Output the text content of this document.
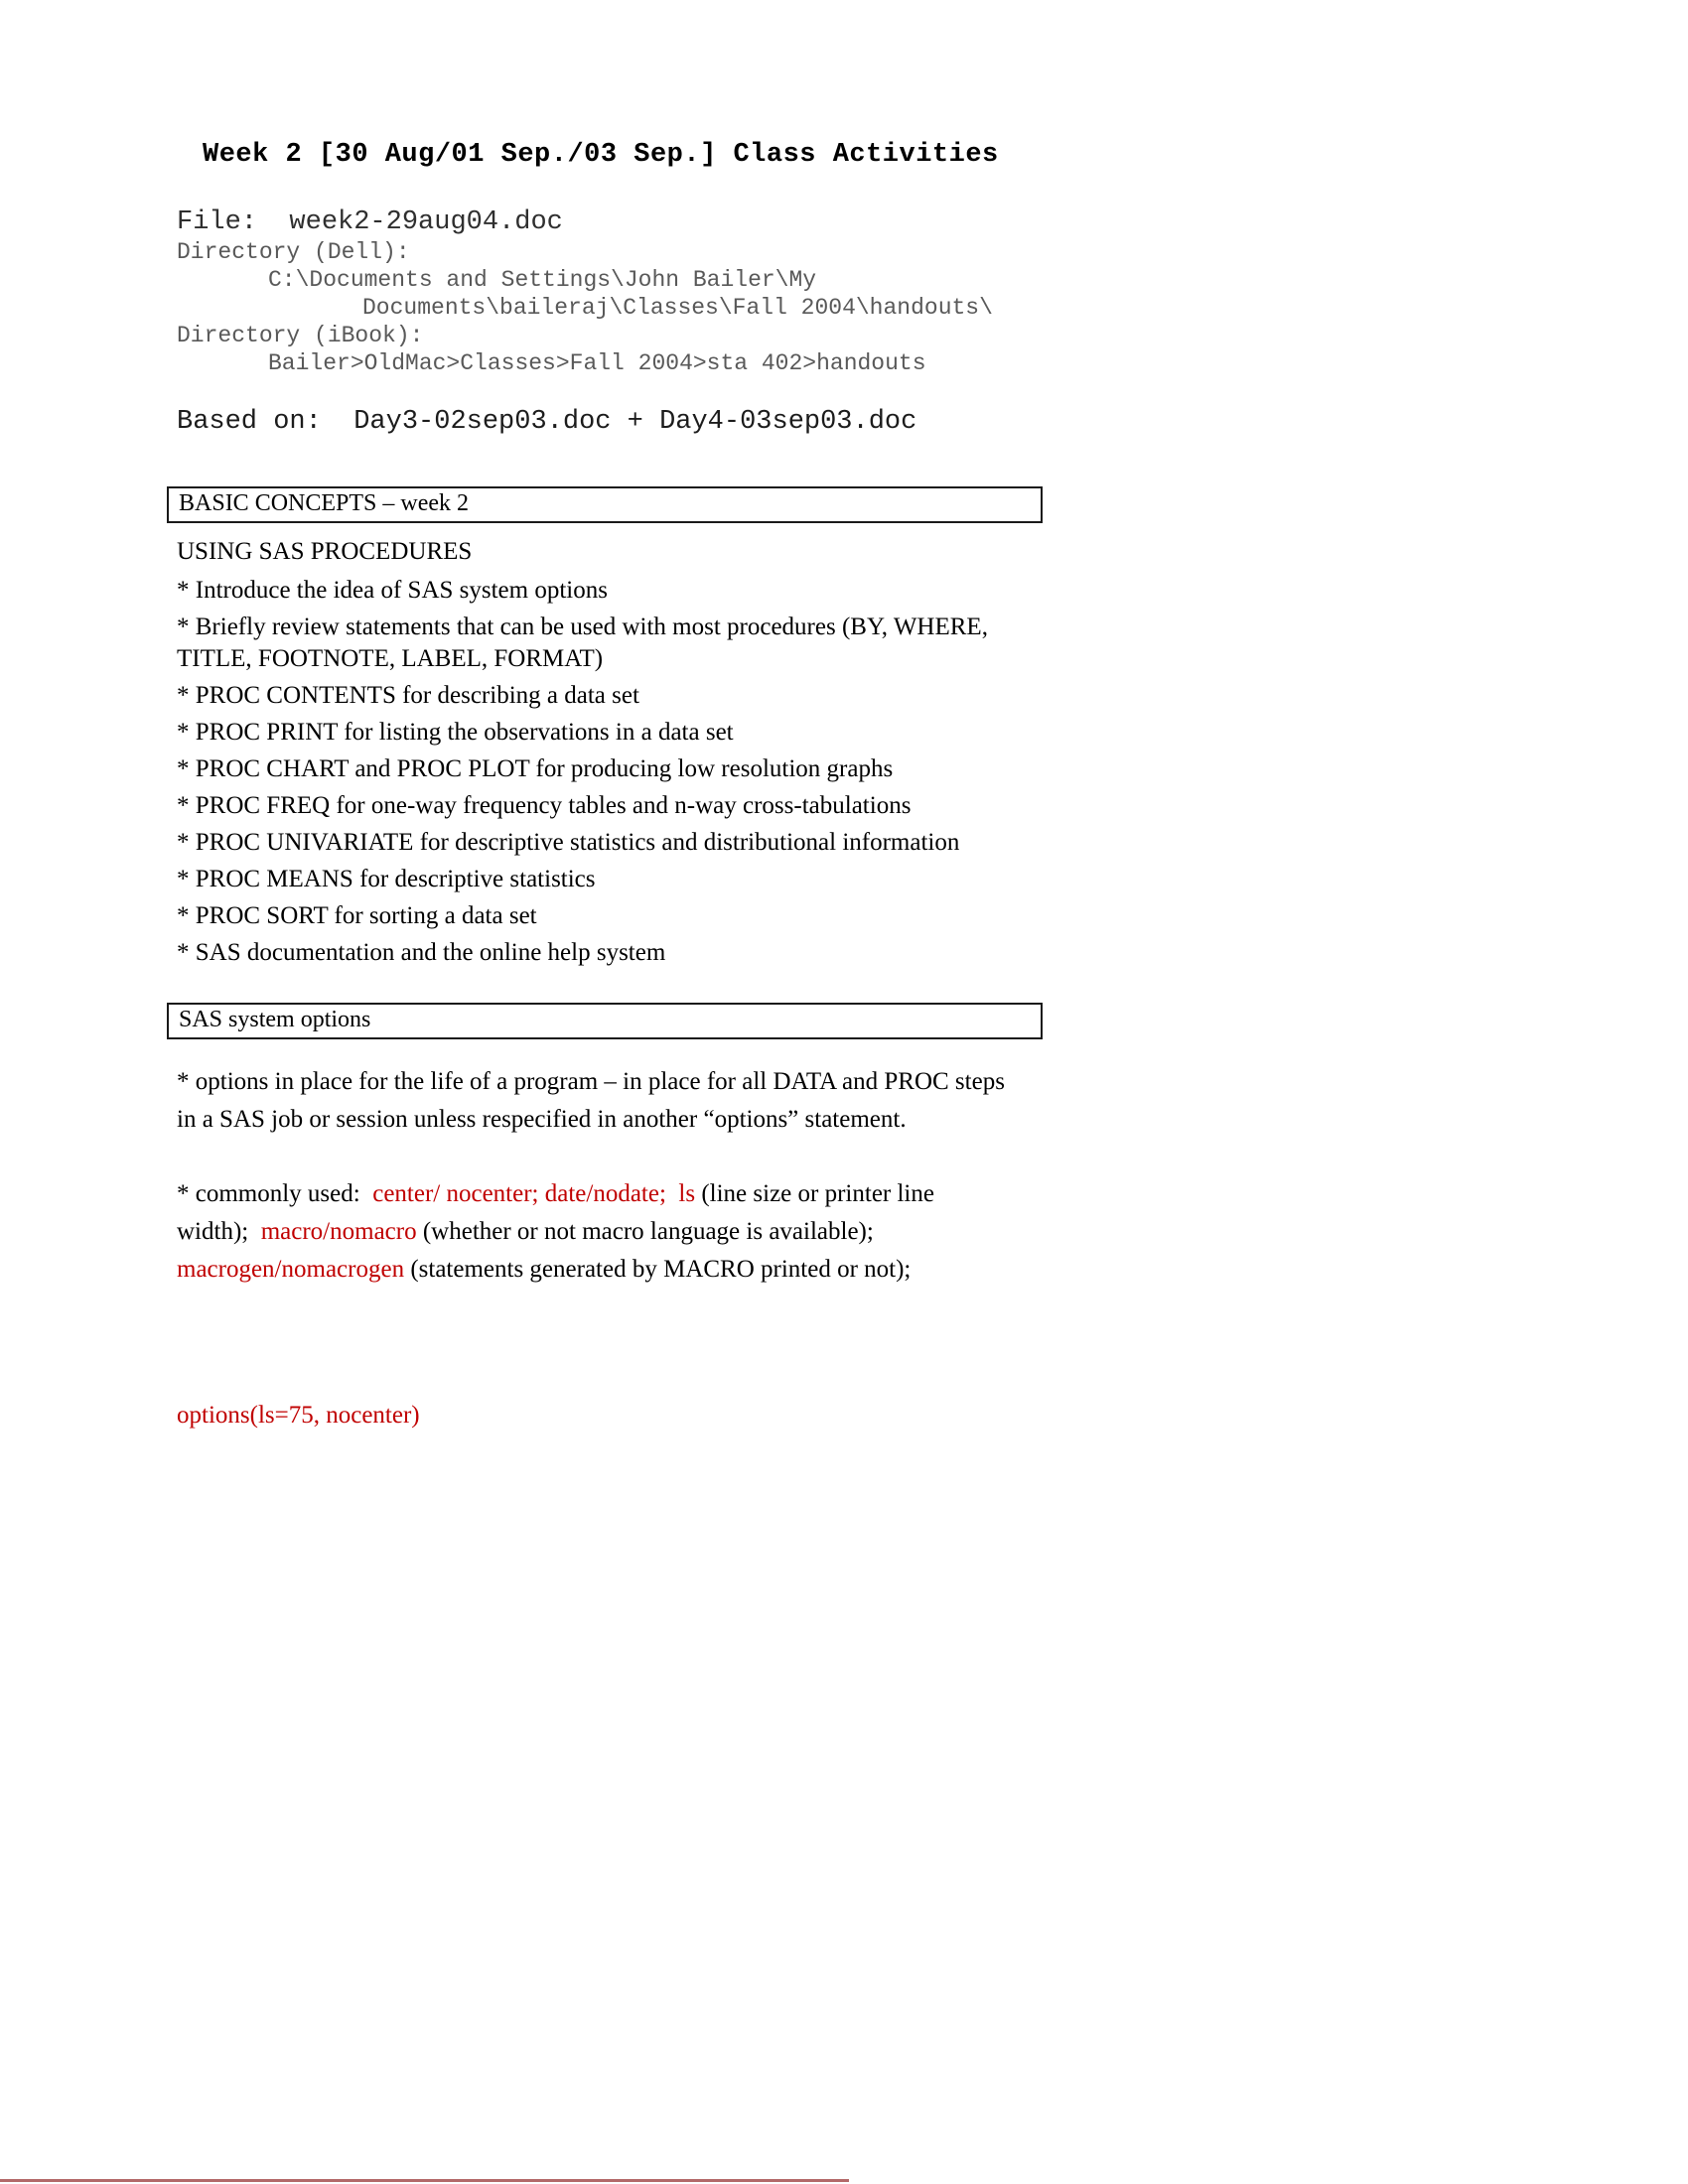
Week 2 [30 Aug/01 Sep./03 Sep.] Class Activities
File:  week2-29aug04.doc
Directory (Dell):
C:\Documents and Settings\John Bailer\My
Documents\baileraj\Classes\Fall 2004\handouts\
Directory (iBook):
Bailer>OldMac>Classes>Fall 2004>sta 402>handouts
Based on:  Day3-02sep03.doc + Day4-03sep03.doc
BASIC CONCEPTS – week 2
USING SAS PROCEDURES
* Introduce the idea of SAS system options
* Briefly review statements that can be used with most procedures (BY, WHERE, TITLE, FOOTNOTE, LABEL, FORMAT)
* PROC CONTENTS for describing a data set
* PROC PRINT for listing the observations in a data set
* PROC CHART and PROC PLOT for producing low resolution graphs
* PROC FREQ for one-way frequency tables and n-way cross-tabulations
* PROC UNIVARIATE for descriptive statistics and distributional information
* PROC MEANS for descriptive statistics
* PROC SORT for sorting a data set
* SAS documentation and the online help system
SAS system options
* options in place for the life of a program – in place for all DATA and PROC steps in a SAS job or session unless respecified in another “options” statement.
* commonly used:  center/ nocenter; date/nodate; ls (line size or printer line width);  macro/nomacro (whether or not macro language is available); macrogen/nomacrogen (statements generated by MACRO printed or not);
options(ls=75, nocenter)
